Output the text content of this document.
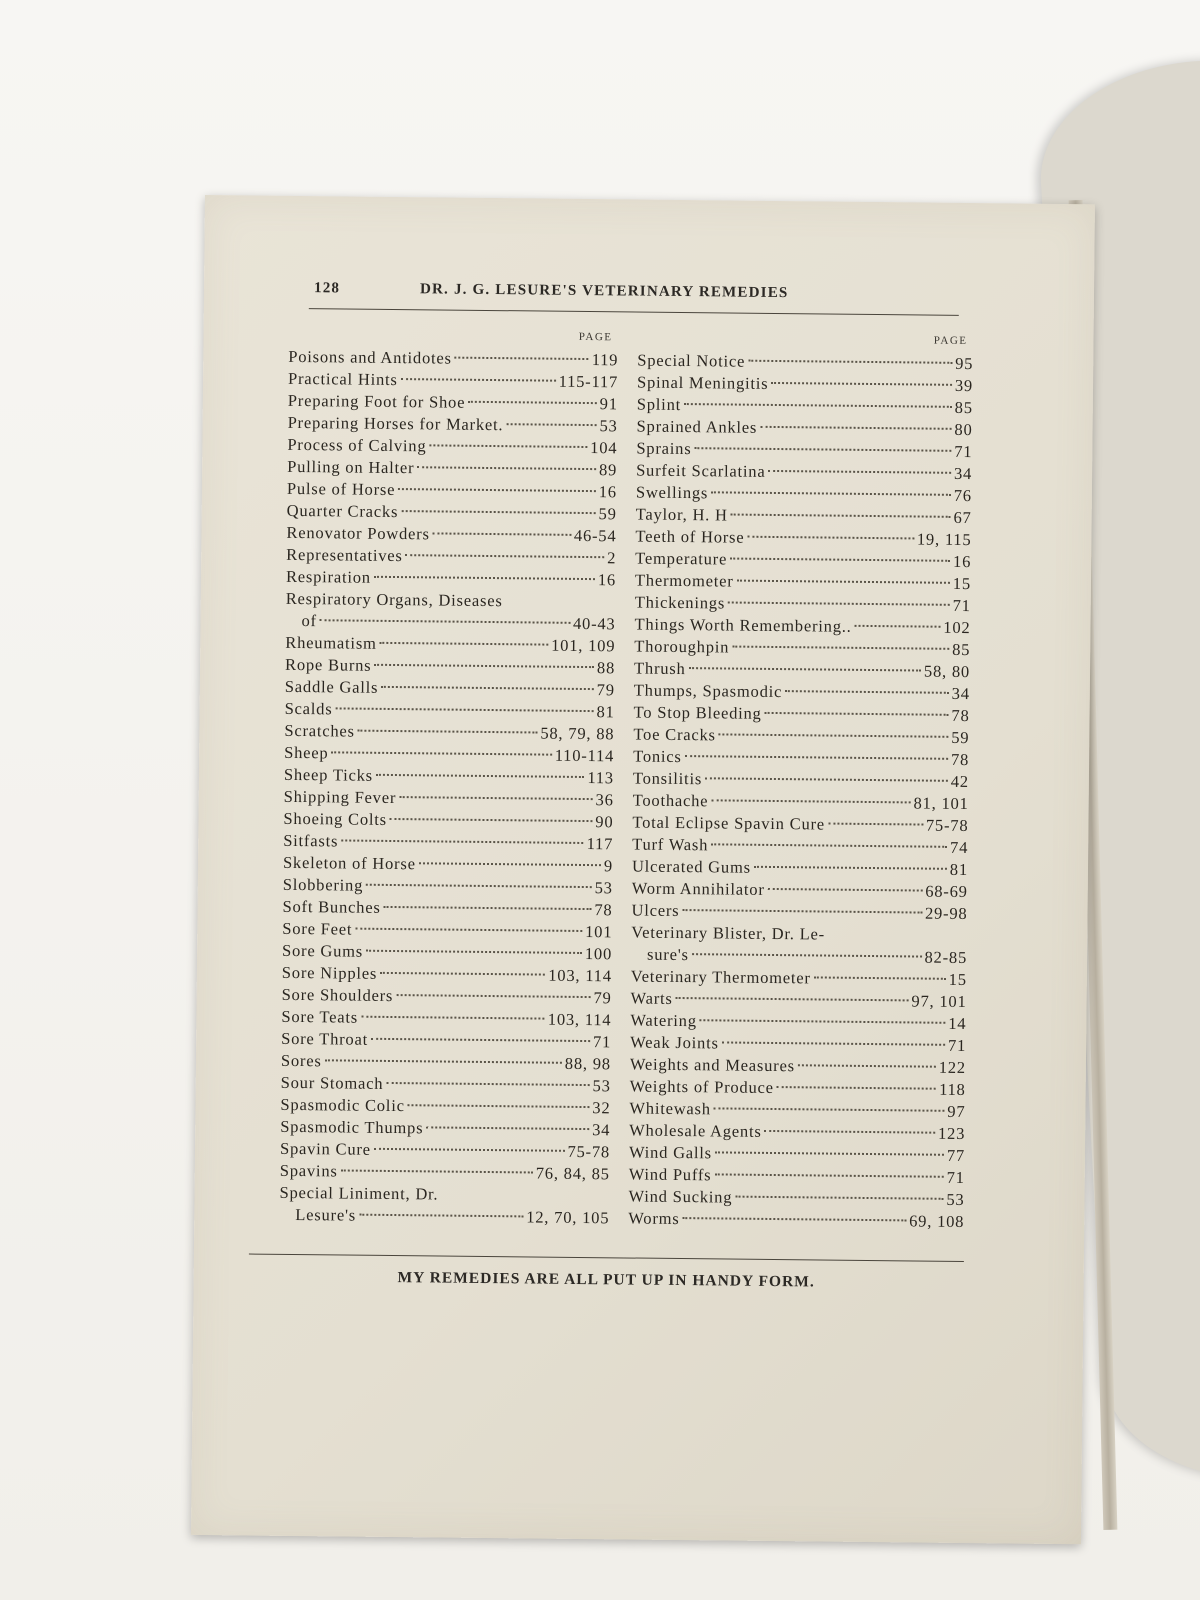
128	DR. J. G. LESURE'S VETERINARY REMEDIES
PAGE
Poisons and Antidotes	119
Practical Hints	115-117
Preparing Foot for Shoe	91
Preparing Horses for Market.	53
Process of Calving	104
Pulling on Halter	89
Pulse of Horse	16
Quarter Cracks	59
Renovator Powders	46-54
Representatives	2
Respiration	16
Respiratory Organs, Diseases
of	40-43
Rheumatism	101, 109
Rope Burns	88
Saddle Galls	79
Scalds	81
Scratches	58, 79, 88
Sheep	110-114
Sheep Ticks	113
Shipping Fever	36
Shoeing Colts	90
Sitfasts	117
Skeleton of Horse	9
Slobbering	53
Soft Bunches	78
Sore Feet	101
Sore Gums	100
Sore Nipples	103, 114
Sore Shoulders	79
Sore Teats	103, 114
Sore Throat	71
Sores	88, 98
Sour Stomach	53
Spasmodic Colic	32
Spasmodic Thumps	34
Spavin Cure	75-78
Spavins	76, 84, 85
Special Liniment, Dr.
Lesure's	12, 70, 105
PAGE
Special Notice	95
Spinal Meningitis	39
Splint	85
Sprained Ankles	80
Sprains	71
Surfeit Scarlatina	34
Swellings	76
Taylor, H. H	67
Teeth of Horse	19, 115
Temperature	16
Thermometer	15
Thickenings	71
Things Worth Remembering..	102
Thoroughpin	85
Thrush	58, 80
Thumps, Spasmodic	34
To Stop Bleeding	78
Toe Cracks	59
Tonics	78
Tonsilitis	42
Toothache	81, 101
Total Eclipse Spavin Cure	75-78
Turf Wash	74
Ulcerated Gums	81
Worm Annihilator	68-69
Ulcers	29-98
Veterinary Blister, Dr. Le-
sure's	82-85
Veterinary Thermometer	15
Warts	97, 101
Watering	14
Weak Joints	71
Weights and Measures	122
Weights of Produce	118
Whitewash	97
Wholesale Agents	123
Wind Galls	77
Wind Puffs	71
Wind Sucking	53
Worms	69, 108
MY REMEDIES ARE ALL PUT UP IN HANDY FORM.
